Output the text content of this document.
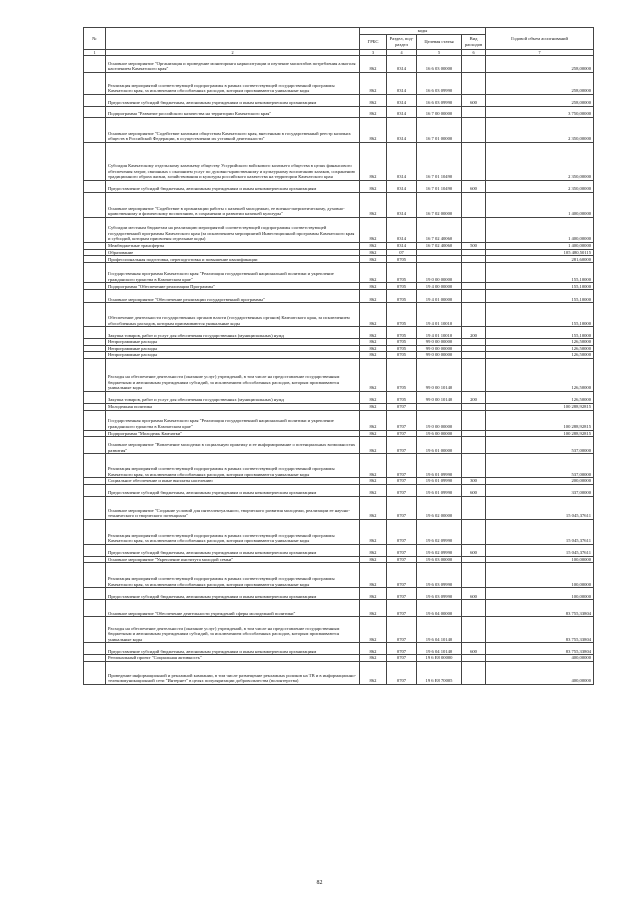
№		коды				Годовой объем ассигнований
		ГРБС	Раздел, под- раздел	Целевая статья	Вид расходов	
1	2	3	4	5	6	7
	Основное мероприятие "Организация и проведение мониторинга наркоситуации и изучение масштабов потребления алкоголя населением Камчатского края"	862	0314	16 6 03 00000		258,00000
	Реализация мероприятий соответствующей подпрограммы в рамках соответствующей государственной программы Камчатского края, за исключением обособленных расходов, которым присваиваются уникальные коды	862	0314	16 6 03 09990		258,00000
	Предоставление субсидий бюджетным, автономным учреждениям и иным некоммерческим организациям	862	0314	16 6 03 09990	600	258,00000
	Подпрограмма "Развитие российского казачества на территории Камчатского края"	862	0314	16 7 00 00000		3 750,00000
	Основное мероприятие "Содействие казачьим обществам Камчатского края, внесенным в государственный реестр казачьих обществ в Российской Федерации, в осуществлении их уставной деятельности"	862	0314	16 7 01 00000		2 350,00000
	Субсидия Камчатскому отдельскому казачьему обществу Уссурийского войскового казачьего общества в целях финансового обеспечения затрат, связанных с оказанием услуг по духовно-нравственному и культурному воспитанию казаков, сохранению традиционного образа жизни, хозяйствования и культуры российского казачества на территории Камчатского края	862	0314	16 7 01 10490		2 350,00000
	Предоставление субсидий бюджетным, автономным учреждениям и иным некоммерческим организациям	862	0314	16 7 01 10490	600	2 350,00000
	Основное мероприятие "Содействие в организации работы с казачьей молодежью, ее военно-патриотическому, духовно-нравственному и физическому воспитанию, в сохранении и развитии казачьей культуры"	862	0314	16 7 02 00000		1 400,00000
	Субсидии местным бюджетам на реализацию мероприятий соответствующей подпрограммы соответствующей государственной программы Камчатского края (за исключением мероприятий Инвестиционной программы Камчатского края и субсидий, которым присвоены отдельные коды)	862	0314	16 7 02 40060		1 400,00000
	Межбюджетные трансферты	862	0314	16 7 02 40060	500	1 400,00000
	Образование	862	07			105 480,50115
	Профессиональная подготовка, переподготовка и повышение квалификации	862	0705			281,60000
	Государственная программа Камчатского края "Реализация государственной национальной политики и укрепление гражданского единства в Камчатском крае"	862	0705	19 0 00 00000		155,10000
	Подпрограмма "Обеспечение реализации Программы"	862	0705	19 4 00 00000		155,10000
	Основное мероприятие "Обеспечение реализации государственной программы"	862	0705	19 4 01 00000		155,10000
	Обеспечение деятельности государственных органов власти (государственных органов) Камчатского края, за исключением обособленных расходов, которым присваиваются уникальные коды	862	0705	19 4 01 10010		155,10000
	Закупка товаров, работ и услуг для обеспечения государственных (муниципальных) нужд	862	0705	19 4 01 10010	200	155,10000
	Непрограммные расходы	862	0705	99 0 00 00000		126,50000
	Непрограммные расходы	862	0705	99 0 00 00000		126,50000
	Непрограммные расходы	862	0705	99 0 00 00000		126,50000
	Расходы на обеспечение деятельности (оказание услуг) учреждений, в том числе на предоставление государственным бюджетным и автономным учреждениям субсидий, за исключением обособленных расходов, которым присваиваются уникальные коды	862	0705	99 0 00 10140		126,50000
	Закупка товаров, работ и услуг для обеспечения государственных (муниципальных) нужд	862	0705	99 0 00 10140	200	126,50000
	Молодежная политика	862	0707			100 288,92815
	Государственная программа Камчатского края "Реализация государственной национальной политики и укрепление гражданского единства в Камчатском крае"	862	0707	19 0 00 00000		100 288,92815
	Подпрограмма "Молодежь Камчатки"	862	0707	19 6 00 00000		100 288,92815
	Основное мероприятие "Вовлечение молодежи в социальную практику и ее информирование о потенциальных возможностях развития"	862	0707	19 6 01 00000		537,00000
	Реализация мероприятий соответствующей подпрограммы в рамках соответствующей государственной программы Камчатского края, за исключением обособленных расходов, которым присваиваются уникальные коды	862	0707	19 6 01 09990		537,00000
	Социальное обеспечение и иные выплаты населению	862	0707	19 6 01 09990	300	200,00000
	Предоставление субсидий бюджетным, автономным учреждениям и иным некоммерческим организациям	862	0707	19 6 01 09990	600	337,00000
	Основное мероприятие "Создание условий для интеллектуального, творческого развития молодежи, реализации ее научно-технического и творческого потенциала"	862	0707	19 6 02 00000		15 045,37611
	Реализация мероприятий соответствующей подпрограммы в рамках соответствующей государственной программы Камчатского края, за исключением обособленных расходов, которым присваиваются уникальные коды	862	0707	19 6 02 09990		15 045,37611
	Предоставление субсидий бюджетным, автономным учреждениям и иным некоммерческим организациям	862	0707	19 6 02 09990	600	15 045,37611
	Основное мероприятие "Укрепление института молодой семьи"	862	0707	19 6 03 00000		100,00000
	Реализация мероприятий соответствующей подпрограммы в рамках соответствующей государственной программы Камчатского края, за исключением обособленных расходов, которым присваиваются уникальные коды	862	0707	19 6 03 09990		100,00000
	Предоставление субсидий бюджетным, автономным учреждениям и иным некоммерческим организациям	862	0707	19 6 03 09990	600	100,00000
	Основное мероприятие "Обеспечение деятельности учреждений сферы молодежной политики"	862	0707	19 6 04 00000		83 755,33804
	Расходы на обеспечение деятельности (оказание услуг) учреждений, в том числе на предоставление государственным бюджетным и автономным учреждениям субсидий, за исключением обособленных расходов, которым присваиваются уникальные коды	862	0707	19 6 04 10140		83 755,33804
	Предоставление субсидий бюджетным, автономным учреждениям и иным некоммерческим организациям	862	0707	19 6 04 10140	600	83 755,33804
	Региональный проект "Социальная активность"	862	0707	19 6 E8 00000		400,00000
	Проведение информационной и рекламной кампании, в том числе размещение рекламных роликов на ТВ и в информационно-телекоммуникационной сети "Интернет" в целях популяризации добровольчества (волонтерства)	862	0707	19 6 E8 70005		400,00000
82
